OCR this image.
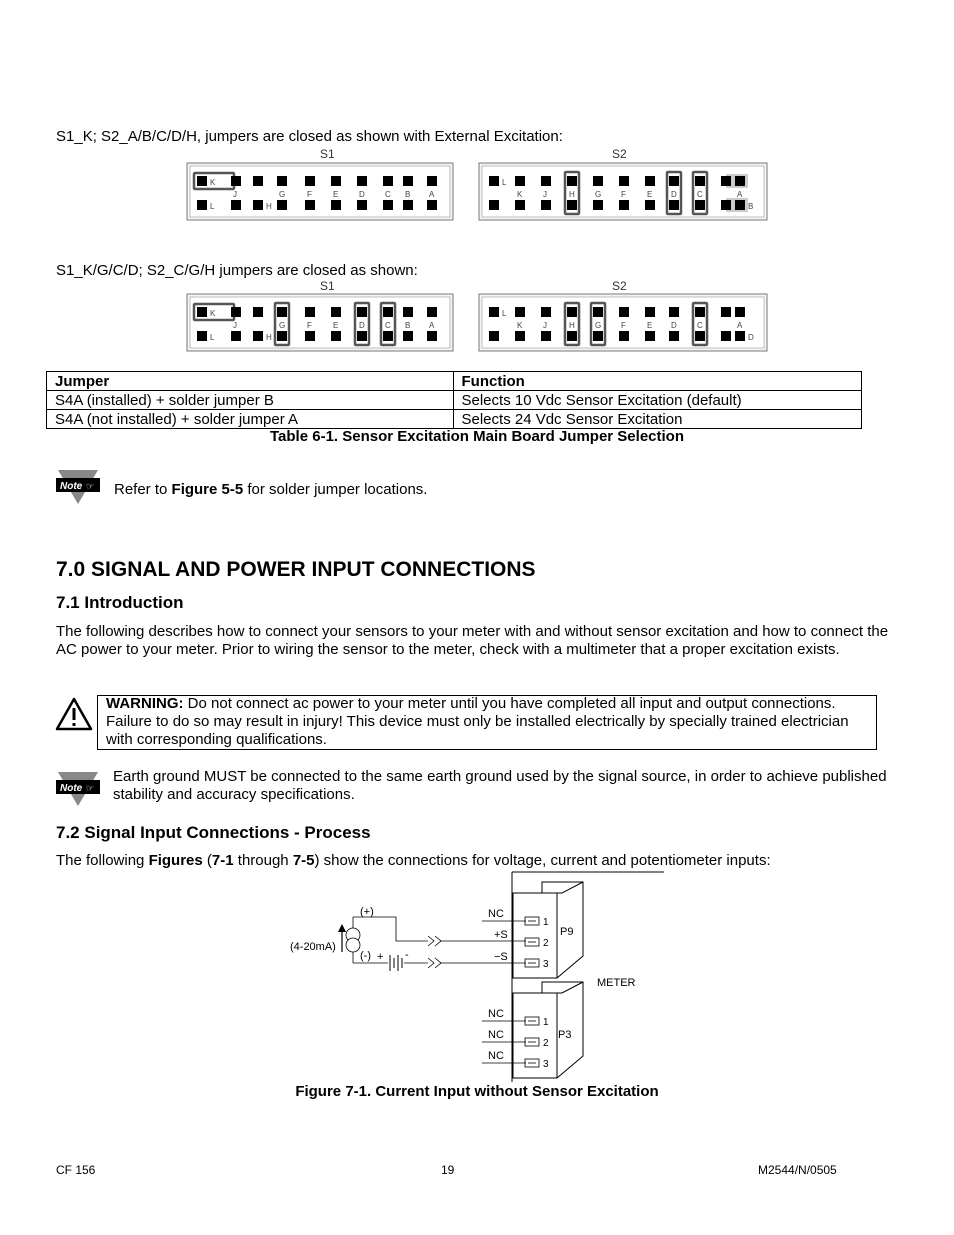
S1_K; S2_A/B/C/D/H, jumpers are closed as shown with External Excitation:
S1	S2
K
L
J
H
G	F	E	D	C B A
L
K	J	H	G F	E D	C	A
B
S1_K/G/C/D; S2_C/G/H jumpers are closed as shown:
S1	S2
K
L
J
H
G	F	E	D	C B A
L
K	J	H	G F	E D	C	A
D
Jumper	Function
S4A (installed) + solder jumper B	Selects 10 Vdc Sensor Excitation (default)
S4A (not installed) + solder jumper A	Selects 24 Vdc Sensor Excitation
Table 6-1. Sensor Excitation Main Board Jumper Selection
Note ☞ Refer to Figure 5-5 for solder jumper locations.
7.0 SIGNAL AND POWER INPUT CONNECTIONS
7.1 Introduction
The following describes how to connect your sensors to your meter with and without sensor excitation and how to connect the AC power to your meter. Prior to wiring the sensor to the meter, check with a multimeter that a proper excitation exists.
WARNING: Do not connect ac power to your meter until you have completed all input and output connections. Failure to do so may result in injury! This device must only be installed electrically by specially trained electrician with corresponding qualifications.
Note ☞
Earth ground MUST be connected to the same earth ground used by the signal source, in order to achieve published stability and accuracy specifications.
7.2 Signal Input Connections - Process
The following Figures (7-1 through 7-5) show the connections for voltage, current and potentiometer inputs:
1
2
3
1
2
3
P9
P3
METER
NC
+S
−S
NC
NC
NC
+ -
(+)
(-)
(4-20mA)
Figure 7-1. Current Input without Sensor Excitation
CF 156	19	M2544/N/0505
